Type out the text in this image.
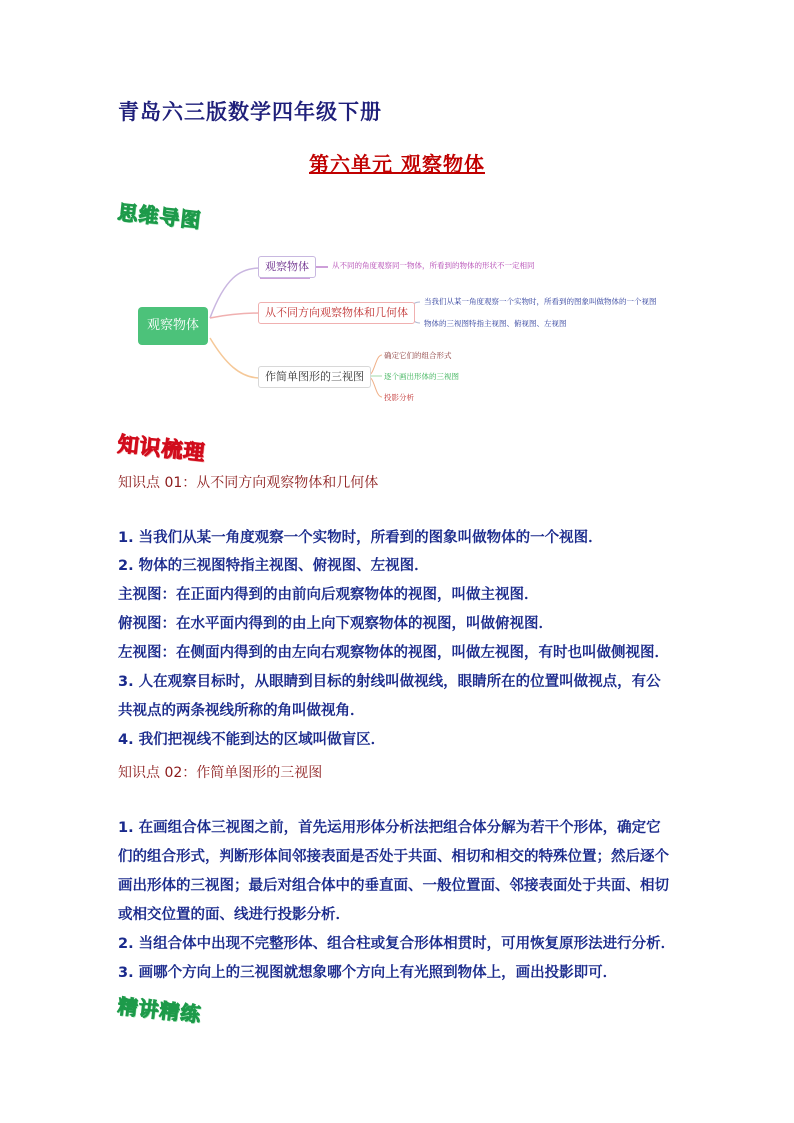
青岛六三版数学四年级下册
第六单元 观察物体
思维导图
观察物体
观察物体
从不同方向观察物体和几何体
作简单图形的三视图
从不同的角度观察同一物体，所看到的物体的形状不一定相同
当我们从某一角度观察一个实物时，所看到的图象叫做物体的一个视图
物体的三视图特指主视图、俯视图、左视图
确定它们的组合形式
逐个画出形体的三视图
投影分析
知识梳理
知识点 01：从不同方向观察物体和几何体
1. 当我们从某一角度观察一个实物时，所看到的图象叫做物体的一个视图．
2. 物体的三视图特指主视图、俯视图、左视图．
主视图：在正面内得到的由前向后观察物体的视图，叫做主视图．
俯视图：在水平面内得到的由上向下观察物体的视图，叫做俯视图．
左视图：在侧面内得到的由左向右观察物体的视图，叫做左视图，有时也叫做侧视图．
3. 人在观察目标时，从眼睛到目标的射线叫做视线，眼睛所在的位置叫做视点，有公
共视点的两条视线所称的角叫做视角．
4. 我们把视线不能到达的区域叫做盲区．
知识点 02：作简单图形的三视图
1. 在画组合体三视图之前，首先运用形体分析法把组合体分解为若干个形体，确定它
们的组合形式，判断形体间邻接表面是否处于共面、相切和相交的特殊位置；然后逐个
画出形体的三视图；最后对组合体中的垂直面、一般位置面、邻接表面处于共面、相切
或相交位置的面、线进行投影分析．
2. 当组合体中出现不完整形体、组合柱或复合形体相贯时，可用恢复原形法进行分析．
3. 画哪个方向上的三视图就想象哪个方向上有光照到物体上，画出投影即可．
精讲精练
